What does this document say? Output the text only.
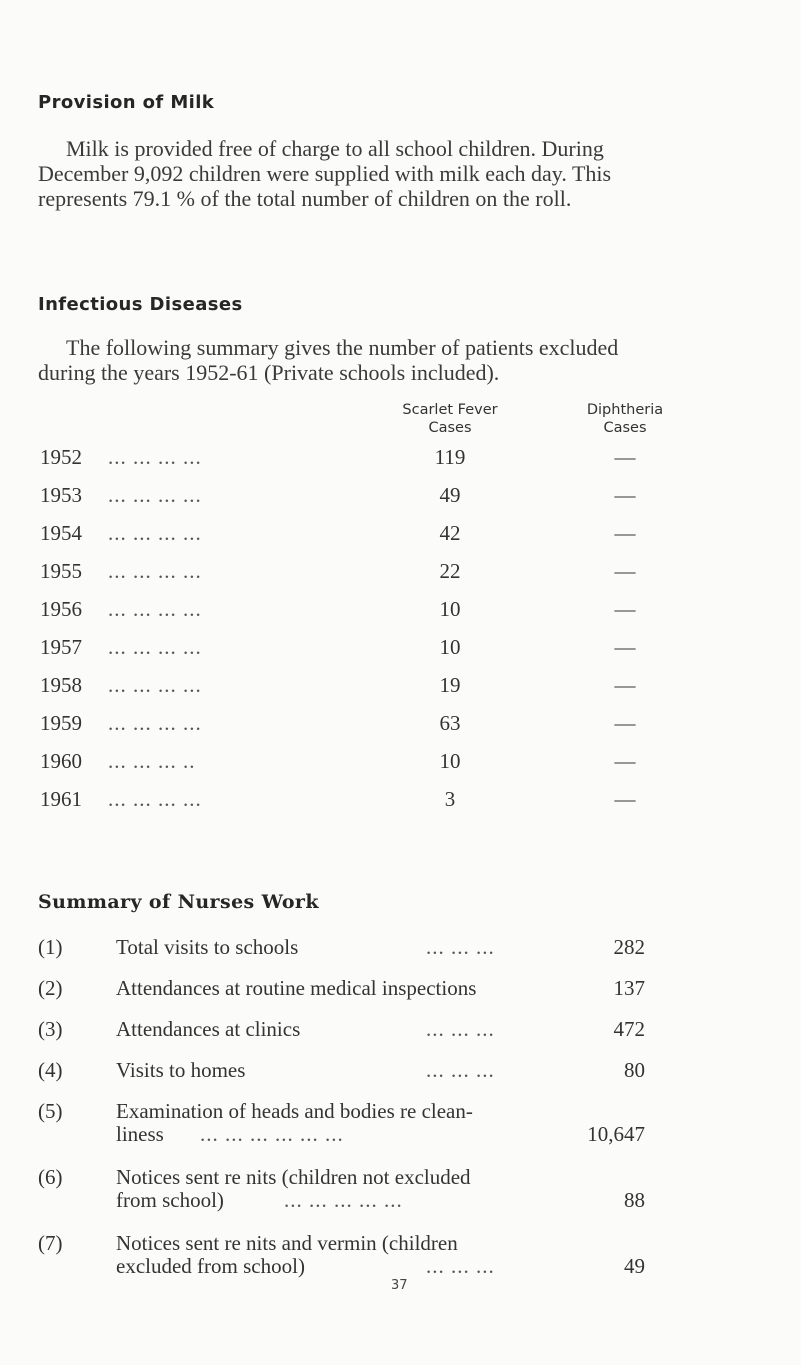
Provision of Milk
Milk is provided free of charge to all school children. During
December 9,092 children were supplied with milk each day. This
represents 79.1 % of the total number of children on the roll.
Infectious Diseases
The following summary gives the number of patients excluded
during the years 1952-61 (Private schools included).
Scarlet Fever
Cases
Diphtheria
Cases
1952 ... ... ... ...	119	—
1953 ... ... ... ...	49	—
1954 ... ... ... ...	42	—
1955 ... ... ... ...	22	—
1956 ... ... ... ...	10	—
1957 ... ... ... ...	10	—
1958 ... ... ... ...	19	—
1959 ... ... ... ...	63	—
1960 ... ... ... ..	10	—
1961 ... ... ... ...	3	—
Summary of Nurses Work
(1)	Total visits to schools	... ... ...	282
(2)	Attendances at routine medical inspections	137
(3)	Attendances at clinics	... ... ...	472
(4)	Visits to homes	... ... ...	80
(5)	Examination of heads and bodies re clean-
liness ... ... ... ... ... ...	10,647
(6)	Notices sent re nits (children not excluded
from school)	... ... ... ... ...	88
(7)	Notices sent re nits and vermin (children
excluded from school)	... ... ...	49
37
